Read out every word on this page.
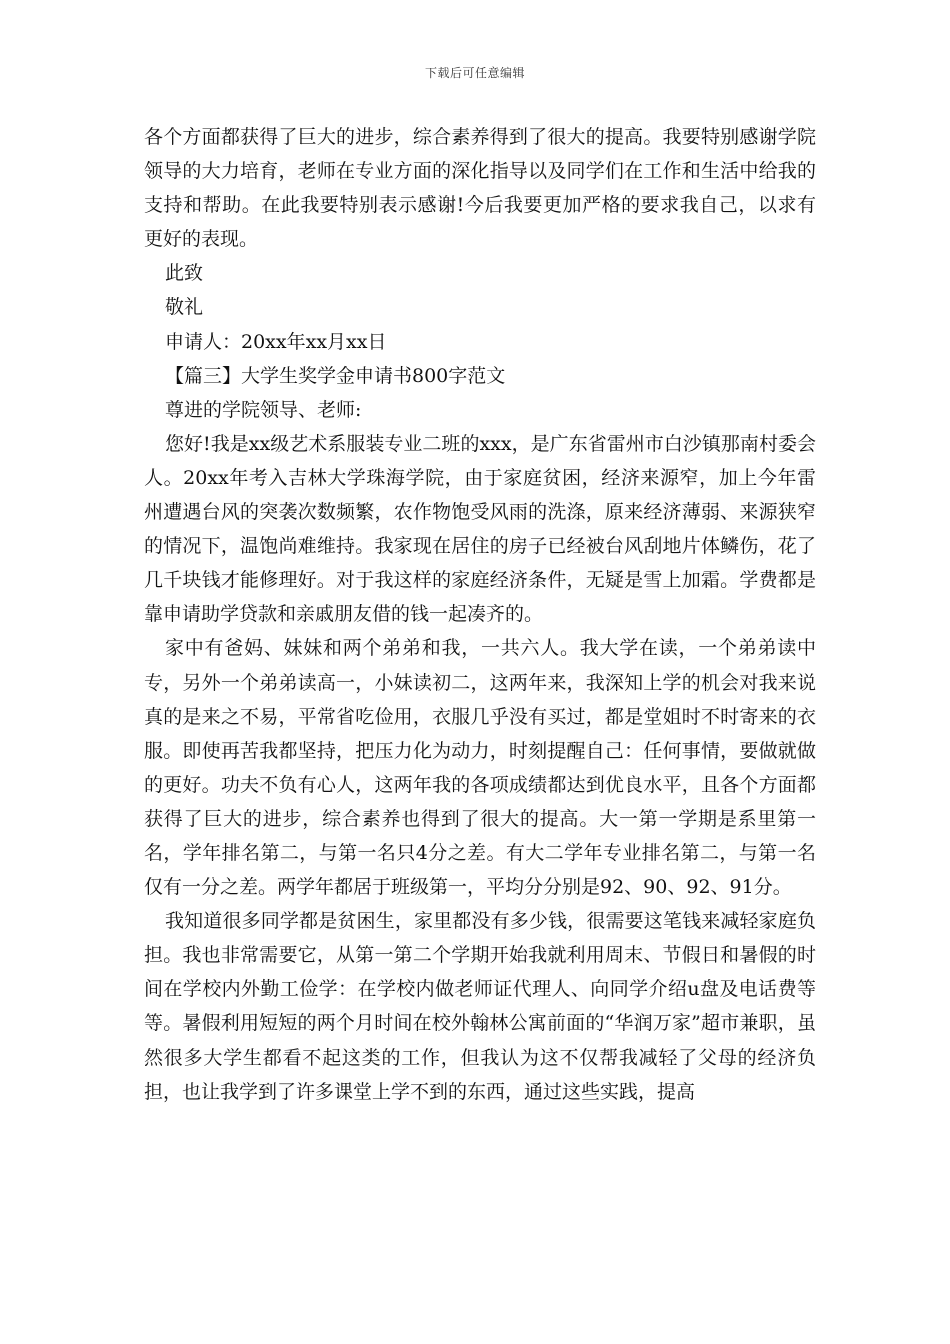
下载后可任意编辑

各个方面都获得了巨大的进步，综合素养得到了很大的提高。我要特别感谢学院领导的大力培育，老师在专业方面的深化指导以及同学们在工作和生活中给我的支持和帮助。在此我要特别表示感谢!今后我要更加严格的要求我自己，以求有更好的表现。

此致

敬礼

申请人：20xx年xx月xx日

【篇三】大学生奖学金申请书800字范文

尊进的学院领导、老师:

您好!我是xx级艺术系服装专业二班的xxx，是广东省雷州市白沙镇那南村委会人。20xx年考入吉林大学珠海学院，由于家庭贫困，经济来源窄，加上今年雷州遭遇台风的突袭次数频繁，农作物饱受风雨的洗涤，原来经济薄弱、来源狭窄的情况下，温饱尚难维持。我家现在居住的房子已经被台风刮地片体鳞伤，花了几千块钱才能修理好。对于我这样的家庭经济条件，无疑是雪上加霜。学费都是靠申请助学贷款和亲戚朋友借的钱一起凑齐的。

家中有爸妈、妹妹和两个弟弟和我，一共六人。我大学在读，一个弟弟读中专，另外一个弟弟读高一，小妹读初二，这两年来，我深知上学的机会对我来说真的是来之不易，平常省吃俭用，衣服几乎没有买过，都是堂姐时不时寄来的衣服。即使再苦我都坚持，把压力化为动力，时刻提醒自己：任何事情，要做就做的更好。功夫不负有心人，这两年我的各项成绩都达到优良水平，且各个方面都获得了巨大的进步，综合素养也得到了很大的提高。大一第一学期是系里第一名，学年排名第二，与第一名只4分之差。有大二学年专业排名第二，与第一名仅有一分之差。两学年都居于班级第一，平均分分别是92、90、92、91分。

我知道很多同学都是贫困生，家里都没有多少钱，很需要这笔钱来减轻家庭负担。我也非常需要它，从第一第二个学期开始我就利用周末、节假日和暑假的时间在学校内外勤工俭学：在学校内做老师证代理人、向同学介绍u盘及电话费等等。暑假利用短短的两个月时间在校外翰林公寓前面的“华润万家”超市兼职，虽然很多大学生都看不起这类的工作，但我认为这不仅帮我减轻了父母的经济负担，也让我学到了许多课堂上学不到的东西，通过这些实践，提高
